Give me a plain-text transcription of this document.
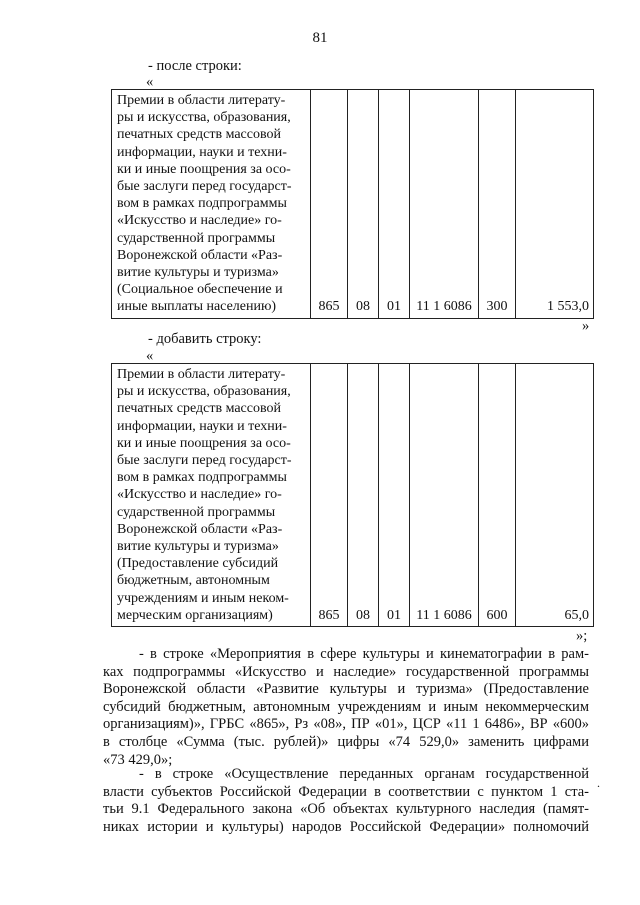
81
- после строки:
«
Премии в области литерату-
ры и искусства, образования,
печатных средств массовой
информации, науки и техни-
ки и иные поощрения за осо-
бые заслуги перед государст-
вом в рамках подпрограммы
«Искусство и наследие» го-
сударственной программы
Воронежской области «Раз-
витие культуры и туризма»
(Социальное обеспечение и
иные выплаты населению)	865	08	01	11 1 6086	300	1 553,0
»
- добавить строку:
«
Премии в области литерату-
ры и искусства, образования,
печатных средств массовой
информации, науки и техни-
ки и иные поощрения за осо-
бые заслуги перед государст-
вом в рамках подпрограммы
«Искусство и наследие» го-
сударственной программы
Воронежской области «Раз-
витие культуры и туризма»
(Предоставление субсидий
бюджетным, автономным
учреждениям и иным неком-
мерческим организациям)	865	08	01	11 1 6086	600	65,0
»;
- в строке «Мероприятия в сфере культуры и кинематографии в рам-
ках подпрограммы «Искусство и наследие» государственной программы
Воронежской области «Развитие культуры и туризма» (Предоставление
субсидий бюджетным, автономным учреждениям и иным некоммерческим
организациям)», ГРБС «865», Рз «08», ПР «01», ЦСР «11 1 6486», ВР «600»
в столбце «Сумма (тыс. рублей)» цифры «74 529,0» заменить цифрами
«73 429,0»;
- в строке «Осуществление переданных органам государственной
власти субъектов Российской Федерации в соответствии с пунктом 1 ста-
тьи 9.1 Федерального закона «Об объектах культурного наследия (памят-
никах истории и культуры) народов Российской Федерации» полномочий
.
